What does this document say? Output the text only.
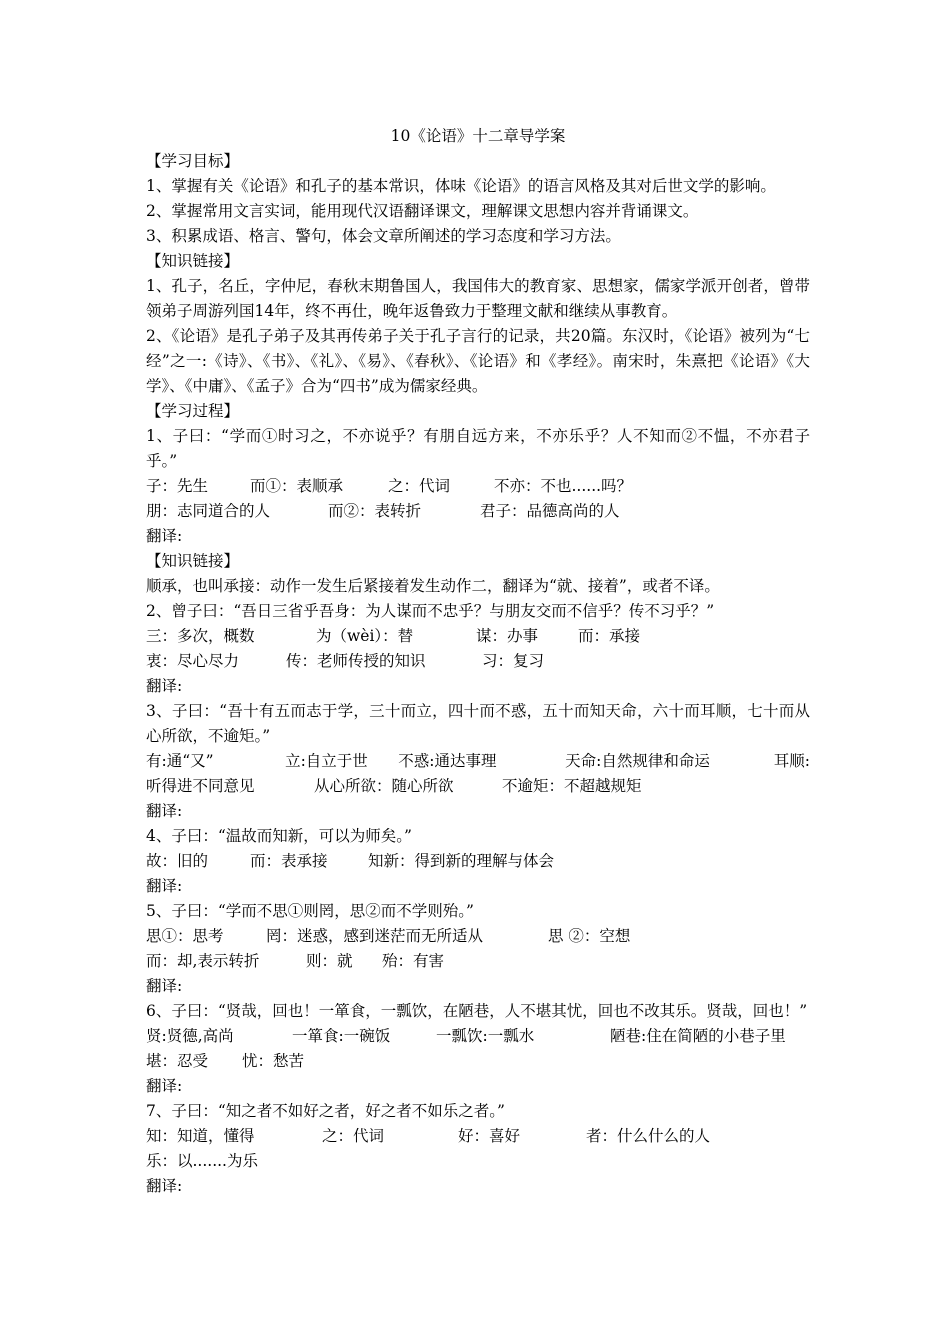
10《论语》十二章导学案

【学习目标】

1、掌握有关《论语》和孔子的基本常识，体味《论语》的语言风格及其对后世文学的影响。

2、掌握常用文言实词，能用现代汉语翻译课文，理解课文思想内容并背诵课文。

3、积累成语、格言、警句，体会文章所阐述的学习态度和学习方法。

【知识链接】

1、孔子，名丘，字仲尼，春秋末期鲁国人，我国伟大的教育家、思想家，儒家学派开创者，曾带领弟子周游列国14年，终不再仕，晚年返鲁致力于整理文献和继续从事教育。

2、《论语》是孔子弟子及其再传弟子关于孔子言行的记录，共20篇。东汉时，《论语》被列为“七经”之一:《诗》、《书》、《礼》、《易》、《春秋》、《论语》和《孝经》。南宋时，朱熹把《论语》《大学》、《中庸》、《孟子》合为“四书”成为儒家经典。

【学习过程】

1、子曰：“学而①时习之，不亦说乎？有朋自远方来，不亦乐乎？人不知而②不愠，不亦君子乎。”

子：先生	而①：表顺承	之：代词	不亦：不也......吗？
朋：志同道合的人	而②：表转折	君子：品德高尚的人

翻译:

【知识链接】

顺承，也叫承接：动作一发生后紧接着发生动作二，翻译为“就、接着”，或者不译。

2、曾子曰：“吾日三省乎吾身：为人谋而不忠乎？与朋友交而不信乎？传不习乎？”

三：多次，概数	为（wèi）：替	谋：办事	而：承接
衷：尽心尽力	传：老师传授的知识	习：复习

翻译:

3、子曰：“吾十有五而志于学，三十而立，四十而不惑，五十而知天命，六十而耳顺，七十而从心所欲，不逾矩。”

有:通“又”	立:自立于世	不惑:通达事理	天命:自然规律和命运	耳顺:
听得进不同意见	从心所欲：随心所欲	不逾矩：不超越规矩

翻译:

4、子曰：“温故而知新，可以为师矣。”

故：旧的	而：表承接	知新：得到新的理解与体会

翻译:

5、子曰：“学而不思①则罔，思②而不学则殆。”

思①：思考	罔：迷惑，感到迷茫而无所适从	思 ②：空想
而：却,表示转折	则：就	殆：有害

翻译:

6、子曰：“贤哉，回也！一箪食，一瓢饮，在陋巷，人不堪其忧，回也不改其乐。贤哉，回也！”

贤:贤德,高尚	一箪食:一碗饭	一瓢饮:一瓢水	陋巷:住在简陋的小巷子里
堪：忍受	忧：愁苦

翻译:

7、子曰：“知之者不如好之者，好之者不如乐之者。”

知：知道，懂得	之：代词	好：喜好	者：什么什么的人
乐：以.......为乐

翻译:
